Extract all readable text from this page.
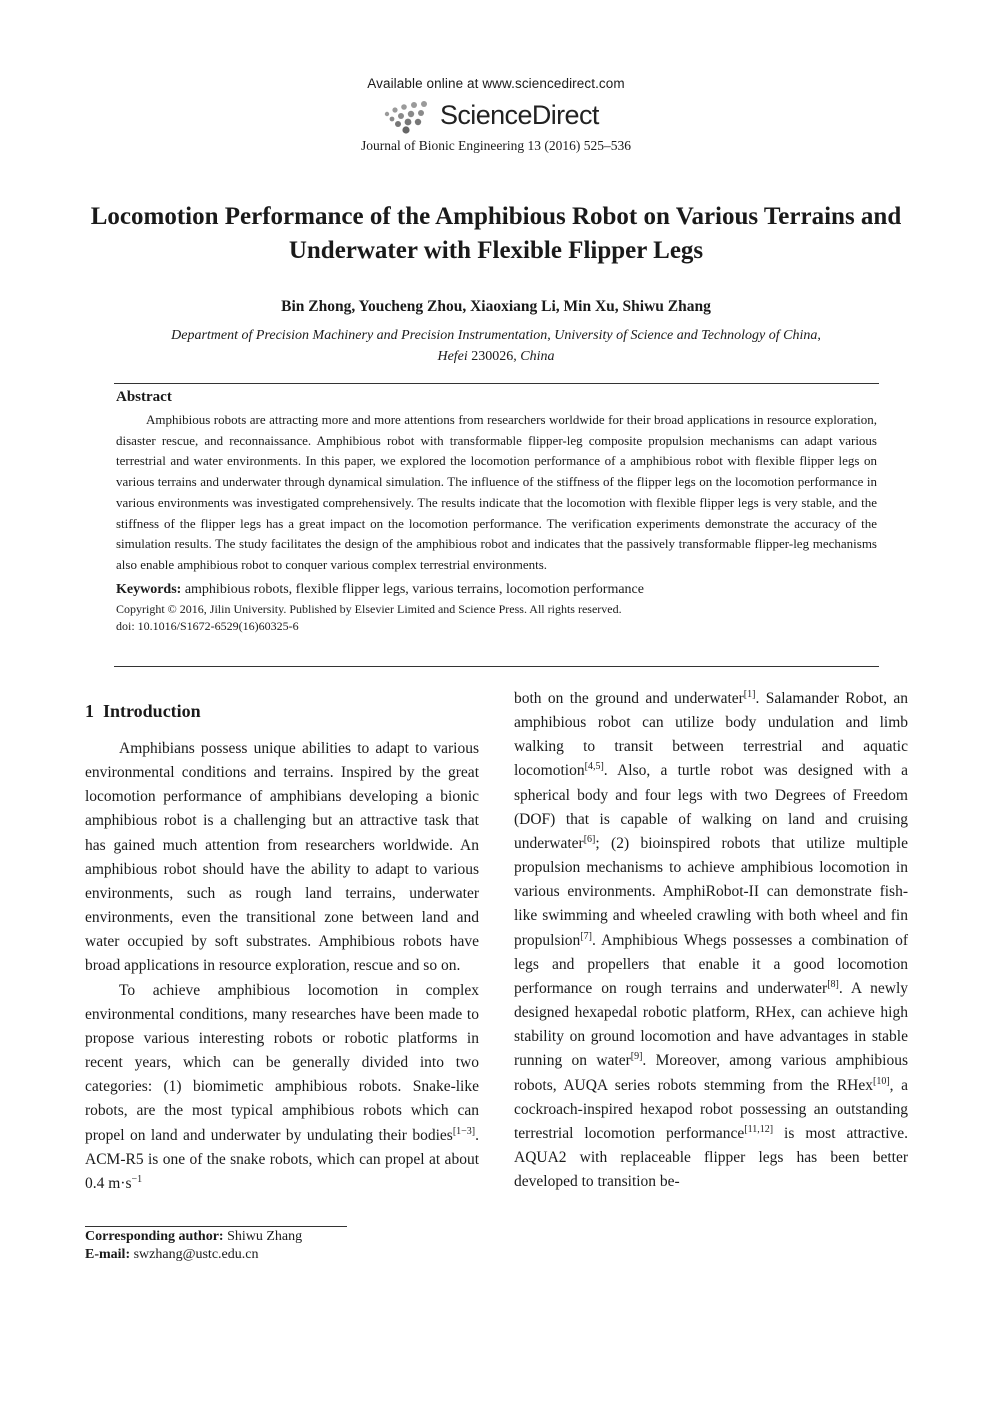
Available online at www.sciencedirect.com
ScienceDirect
Journal of Bionic Engineering 13 (2016) 525–536
Locomotion Performance of the Amphibious Robot on Various Terrains and Underwater with Flexible Flipper Legs
Bin Zhong, Youcheng Zhou, Xiaoxiang Li, Min Xu, Shiwu Zhang
Department of Precision Machinery and Precision Instrumentation, University of Science and Technology of China,
Hefei 230026, China
Abstract

Amphibious robots are attracting more and more attentions from researchers worldwide for their broad applications in resource exploration, disaster rescue, and reconnaissance. Amphibious robot with transformable flipper-leg composite propulsion mechanisms can adapt various terrestrial and water environments. In this paper, we explored the locomotion performance of a amphibious robot with flexible flipper legs on various terrains and underwater through dynamical simulation. The influence of the stiffness of the flipper legs on the locomotion performance in various environments was investigated comprehensively. The results indicate that the locomotion with flexible flipper legs is very stable, and the stiffness of the flipper legs has a great impact on the locomotion performance. The verification experiments demonstrate the accuracy of the simulation results. The study facilitates the design of the amphibious robot and indicates that the passively transformable flipper-leg mechanisms also enable amphibious robot to conquer various complex terrestrial environments.

Keywords: amphibious robots, flexible flipper legs, various terrains, locomotion performance
Copyright © 2016, Jilin University. Published by Elsevier Limited and Science Press. All rights reserved.
doi: 10.1016/S1672-6529(16)60325-6
1 Introduction

Amphibians possess unique abilities to adapt to various environmental conditions and terrains. Inspired by the great locomotion performance of amphibians developing a bionic amphibious robot is a challenging but an attractive task that has gained much attention from researchers worldwide. An amphibious robot should have the ability to adapt to various environments, such as rough land terrains, underwater environments, even the transitional zone between land and water occupied by soft substrates. Amphibious robots have broad applications in resource exploration, rescue and so on.

To achieve amphibious locomotion in complex environmental conditions, many researches have been made to propose various interesting robots or robotic platforms in recent years, which can be generally divided into two categories: (1) biomimetic amphibious robots. Snake-like robots, are the most typical amphibious robots which can propel on land and underwater by undulating their bodies[1−3]. ACM-R5 is one of the snake robots, which can propel at about 0.4 $m\cdot s^{-1}$

both on the ground and underwater[1]. Salamander Robot, an amphibious robot can utilize body undulation and limb walking to transit between terrestrial and aquatic locomotion[4,5]. Also, a turtle robot was designed with a spherical body and four legs with two Degrees of Freedom (DOF) that is capable of walking on land and cruising underwater[6]; (2) bioinspired robots that utilize multiple propulsion mechanisms to achieve amphibious locomotion in various environments. AmphiRobot-II can demonstrate fish-like swimming and wheeled crawling with both wheel and fin propulsion[7]. Amphibious Whegs possesses a combination of legs and propellers that enable it a good locomotion performance on rough terrains and underwater[8]. A newly designed hexapedal robotic platform, RHex, can achieve high stability on ground locomotion and have advantages in stable running on water[9]. Moreover, among various amphibious robots, AUQA series robots stemming from the RHex[10], a cockroach-inspired hexapod robot possessing an outstanding terrestrial locomotion performance[11,12] is most attractive. AQUA2 with replaceable flipper legs has been better developed to transition be-

Corresponding author: Shiwu Zhang
E-mail: swzhang@ustc.edu.cn
